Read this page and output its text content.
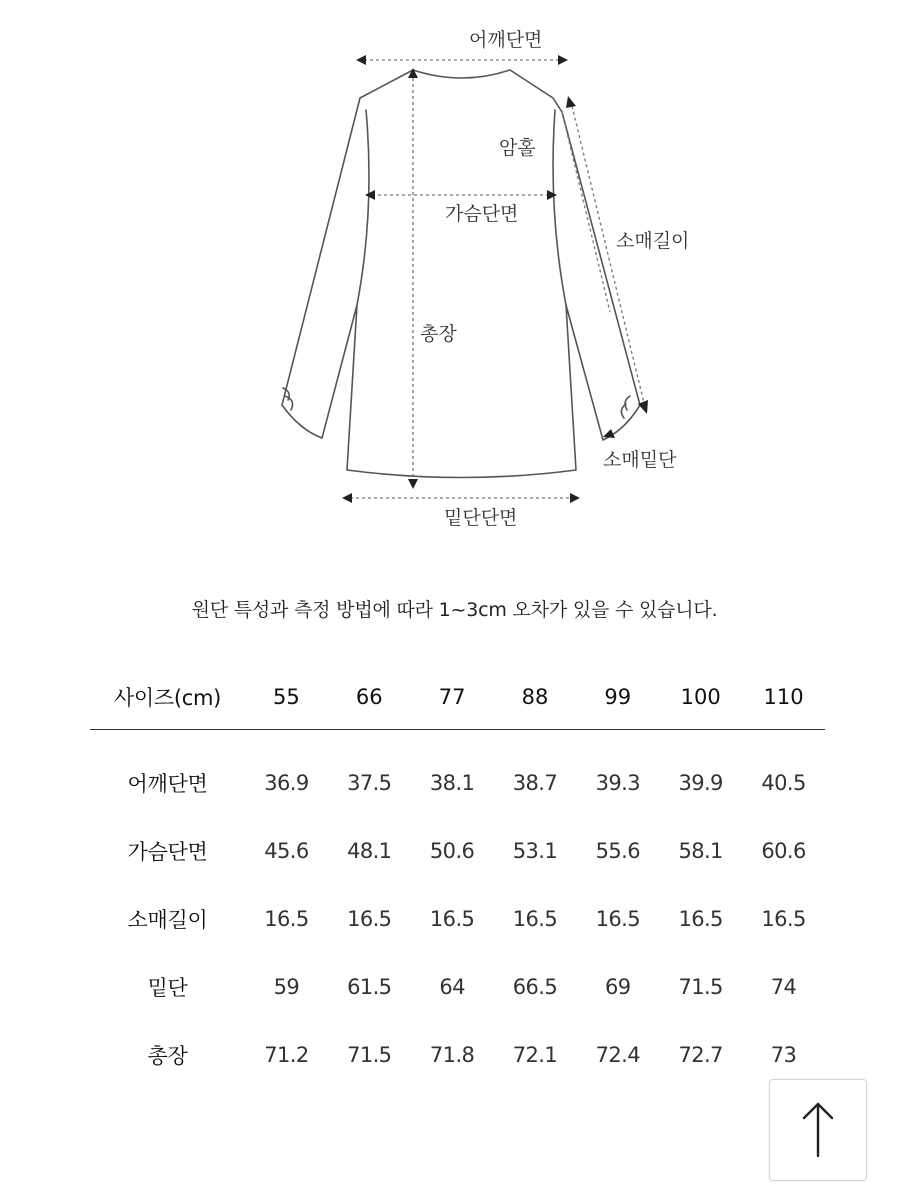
어깨단면
암홀
가슴단면
소매길이
총장
소매밑단
밑단단면
원단 특성과 측정 방법에 따라 1~3cm 오차가 있을 수 있습니다.
사이즈(cm)	55	66	77	88	99	100	110
어깨단면	36.9	37.5	38.1	38.7	39.3	39.9	40.5
가슴단면	45.6	48.1	50.6	53.1	55.6	58.1	60.6
소매길이	16.5	16.5	16.5	16.5	16.5	16.5	16.5
밑단	59	61.5	64	66.5	69	71.5	74
총장	71.2	71.5	71.8	72.1	72.4	72.7	73
